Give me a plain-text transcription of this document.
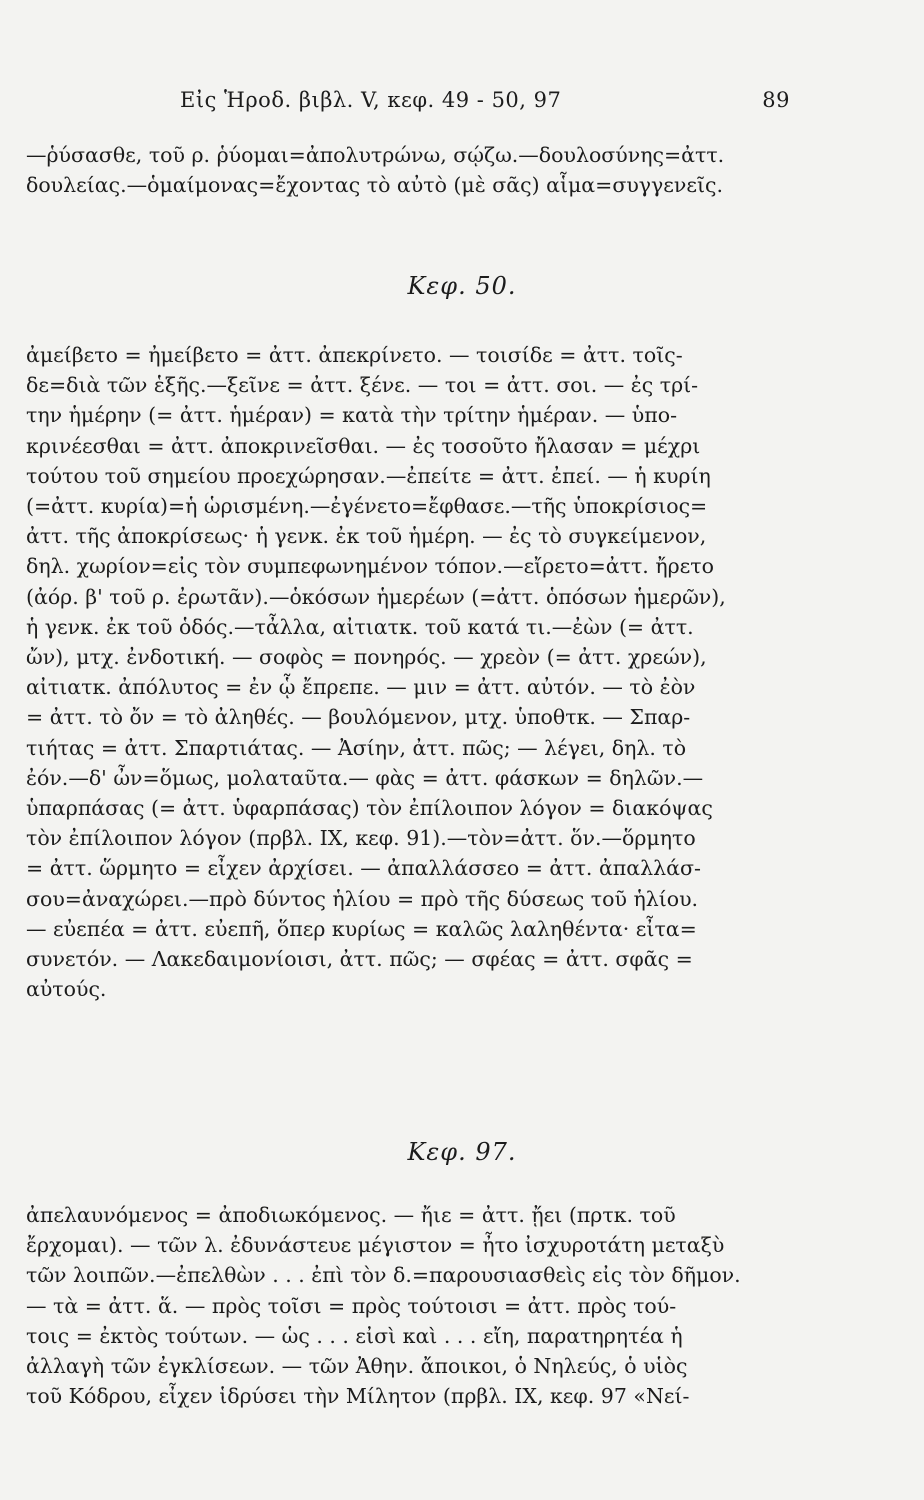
Εἰς Ἡροδ. βιβλ. V, κεφ. 49 - 50, 97	89
—ῥύσασθε, τοῦ ρ. ῥύομαι=ἀπολυτρώνω, σῴζω.—δουλοσύνης=ἀττ.
δουλείας.—ὁμαίμονας=ἔχοντας τὸ αὐτὸ (μὲ σᾶς) αἷμα=συγγενεῖς.
Κεφ. 50.
ἀμείβετο = ἠμείβετο = ἀττ. ἀπεκρίνετο. — τοισίδε = ἀττ. τοῖς-
δε=διὰ τῶν ἑξῆς.—ξεῖνε = ἀττ. ξένε. — τοι = ἀττ. σοι. — ἐς τρί-
την ἡμέρην (= ἀττ. ἡμέραν) = κατὰ τὴν τρίτην ἡμέραν. — ὑπο-
κρινέεσθαι = ἀττ. ἀποκρινεῖσθαι. — ἐς τοσοῦτο ἤλασαν = μέχρι
τούτου τοῦ σημείου προεχώρησαν.—ἐπείτε = ἀττ. ἐπεί. — ἡ κυρίη
(=ἀττ. κυρία)=ἡ ὡρισμένη.—ἐγένετο=ἔφθασε.—τῆς ὑποκρίσιος=
ἀττ. τῆς ἀποκρίσεως· ἡ γενκ. ἐκ τοῦ ἡμέρη. — ἐς τὸ συγκείμενον,
δηλ. χωρίον=εἰς τὸν συμπεφωνημένον τόπον.—εἴρετο=ἀττ. ἤρετο
(ἀόρ. β' τοῦ ρ. ἐρωτᾶν).—ὁκόσων ἡμερέων (=ἀττ. ὁπόσων ἡμερῶν),
ἡ γενκ. ἐκ τοῦ ὁδός.—τἆλλα, αἰτιατκ. τοῦ κατά τι.—ἐὼν (= ἀττ.
ὤν), μτχ. ἐνδοτική. — σοφὸς = πονηρός. — χρεὸν (= ἀττ. χρεών),
αἰτιατκ. ἀπόλυτος = ἐν ᾧ ἔπρεπε. — μιν = ἀττ. αὐτόν. — τὸ ἐὸν
= ἀττ. τὸ ὄν = τὸ ἀληθές. — βουλόμενον, μτχ. ὑποθτκ. — Σπαρ-
τιήτας = ἀττ. Σπαρτιάτας. — Ἀσίην, ἀττ. πῶς; — λέγει, δηλ. τὸ
ἐόν.—δ' ὦν=ὅμως, μολαταῦτα.— φὰς = ἀττ. φάσκων = δηλῶν.—
ὑπαρπάσας (= ἀττ. ὑφαρπάσας) τὸν ἐπίλοιπον λόγον = διακόψας
τὸν ἐπίλοιπον λόγον (πρβλ. IX, κεφ. 91).—τὸν=ἀττ. ὅν.—ὅρμητο
= ἀττ. ὥρμητο = εἶχεν ἀρχίσει. — ἀπαλλάσσεο = ἀττ. ἀπαλλάσ-
σου=ἀναχώρει.—πρὸ δύντος ἡλίου = πρὸ τῆς δύσεως τοῦ ἡλίου.
— εὐεπέα = ἀττ. εὐεπῆ, ὅπερ κυρίως = καλῶς λαληθέντα· εἶτα=
συνετόν. — Λακεδαιμονίοισι, ἀττ. πῶς; — σφέας = ἀττ. σφᾶς =
αὐτούς.
Κεφ. 97.
ἀπελαυνόμενος = ἀποδιωκόμενος. — ἤιε = ἀττ. ᾔει (πρτκ. τοῦ
ἔρχομαι). — τῶν λ. ἐδυνάστευε μέγιστον = ἦτο ἰσχυροτάτη μεταξὺ
τῶν λοιπῶν.—ἐπελθὼν . . . ἐπὶ τὸν δ.=παρουσιασθεὶς εἰς τὸν δῆμον.
— τὰ = ἀττ. ἅ. — πρὸς τοῖσι = πρὸς τούτοισι = ἀττ. πρὸς τού-
τοις = ἐκτὸς τούτων. — ὡς . . . εἰσὶ καὶ . . . εἴη, παρατηρητέα ἡ
ἀλλαγὴ τῶν ἐγκλίσεων. — τῶν Ἀθην. ἄποικοι, ὁ Νηλεύς, ὁ υἱὸς
τοῦ Κόδρου, εἶχεν ἱδρύσει τὴν Μίλητον (πρβλ. IX, κεφ. 97 «Νεί-
